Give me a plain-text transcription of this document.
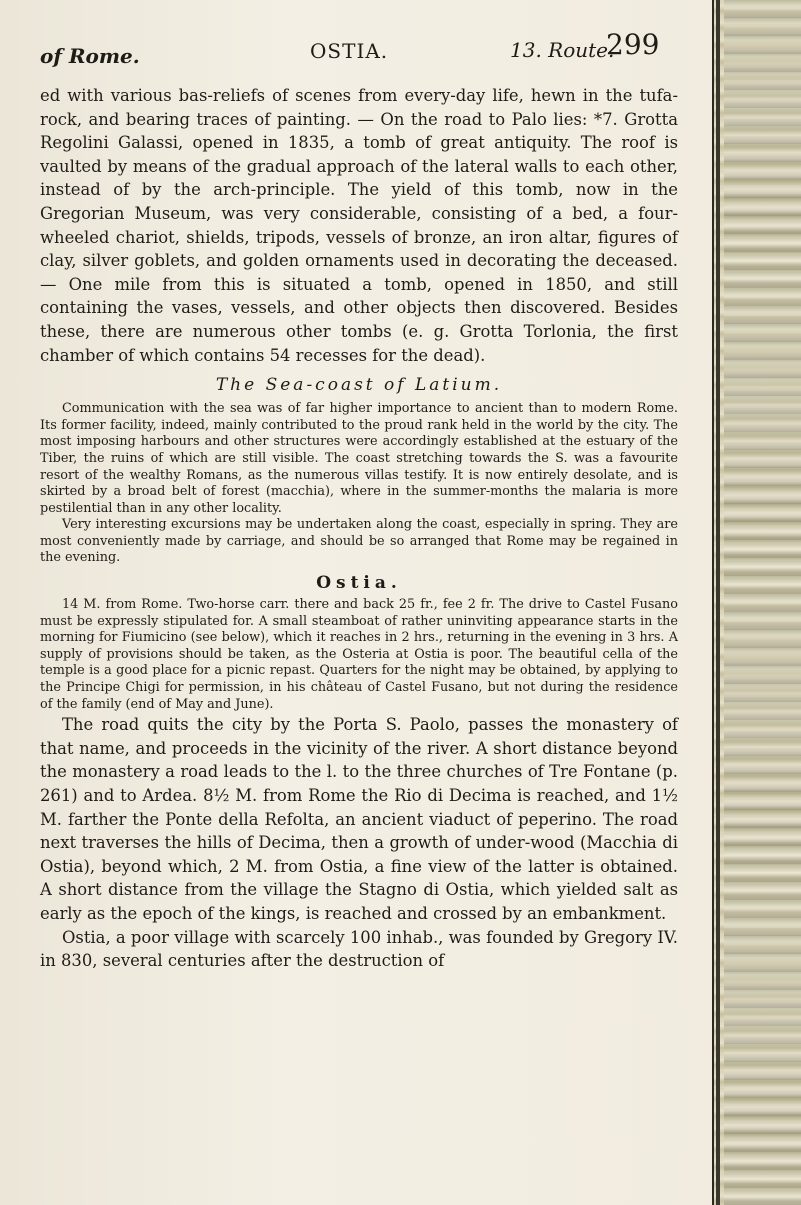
of Rome.	OSTIA.	13. Route.
299

ed with various bas-reliefs of scenes from every-day life, hewn in the tufa-rock, and bearing traces of painting. — On the road to Palo lies: *7. Grotta Regolini Galassi, opened in 1835, a tomb of great antiquity. The roof is vaulted by means of the gradual approach of the lateral walls to each other, instead of by the arch-principle. The yield of this tomb, now in the Gregorian Museum, was very considerable, consisting of a bed, a four-wheeled chariot, shields, tripods, vessels of bronze, an iron altar, figures of clay, silver goblets, and golden ornaments used in decorating the deceased. — One mile from this is situated a tomb, opened in 1850, and still containing the vases, vessels, and other objects then discovered. Besides these, there are numerous other tombs (e. g. Grotta Torlonia, the first chamber of which contains 54 recesses for the dead).

The Sea-coast of Latium.

Communication with the sea was of far higher importance to ancient than to modern Rome. Its former facility, indeed, mainly contributed to the proud rank held in the world by the city. The most imposing harbours and other structures were accordingly established at the estuary of the Tiber, the ruins of which are still visible. The coast stretching towards the S. was a favourite resort of the wealthy Romans, as the numerous villas testify. It is now entirely desolate, and is skirted by a broad belt of forest (macchia), where in the summer-months the malaria is more pestilential than in any other locality.

Very interesting excursions may be undertaken along the coast, especially in spring. They are most conveniently made by carriage, and should be so arranged that Rome may be regained in the evening.

Ostia.

14 M. from Rome. Two-horse carr. there and back 25 fr., fee 2 fr. The drive to Castel Fusano must be expressly stipulated for. A small steamboat of rather uninviting appearance starts in the morning for Fiumicino (see below), which it reaches in 2 hrs., returning in the evening in 3 hrs. A supply of provisions should be taken, as the Osteria at Ostia is poor. The beautiful cella of the temple is a good place for a picnic repast. Quarters for the night may be obtained, by applying to the Principe Chigi for permission, in his château of Castel Fusano, but not during the residence of the family (end of May and June).

The road quits the city by the Porta S. Paolo, passes the monastery of that name, and proceeds in the vicinity of the river. A short distance beyond the monastery a road leads to the l. to the three churches of Tre Fontane (p. 261) and to Ardea. 8½ M. from Rome the Rio di Decima is reached, and 1½ M. farther the Ponte della Refolta, an ancient viaduct of peperino. The road next traverses the hills of Decima, then a growth of under-wood (Macchia di Ostia), beyond which, 2 M. from Ostia, a fine view of the latter is obtained. A short distance from the village the Stagno di Ostia, which yielded salt as early as the epoch of the kings, is reached and crossed by an embankment.

Ostia, a poor village with scarcely 100 inhab., was founded by Gregory IV. in 830, several centuries after the destruction of
